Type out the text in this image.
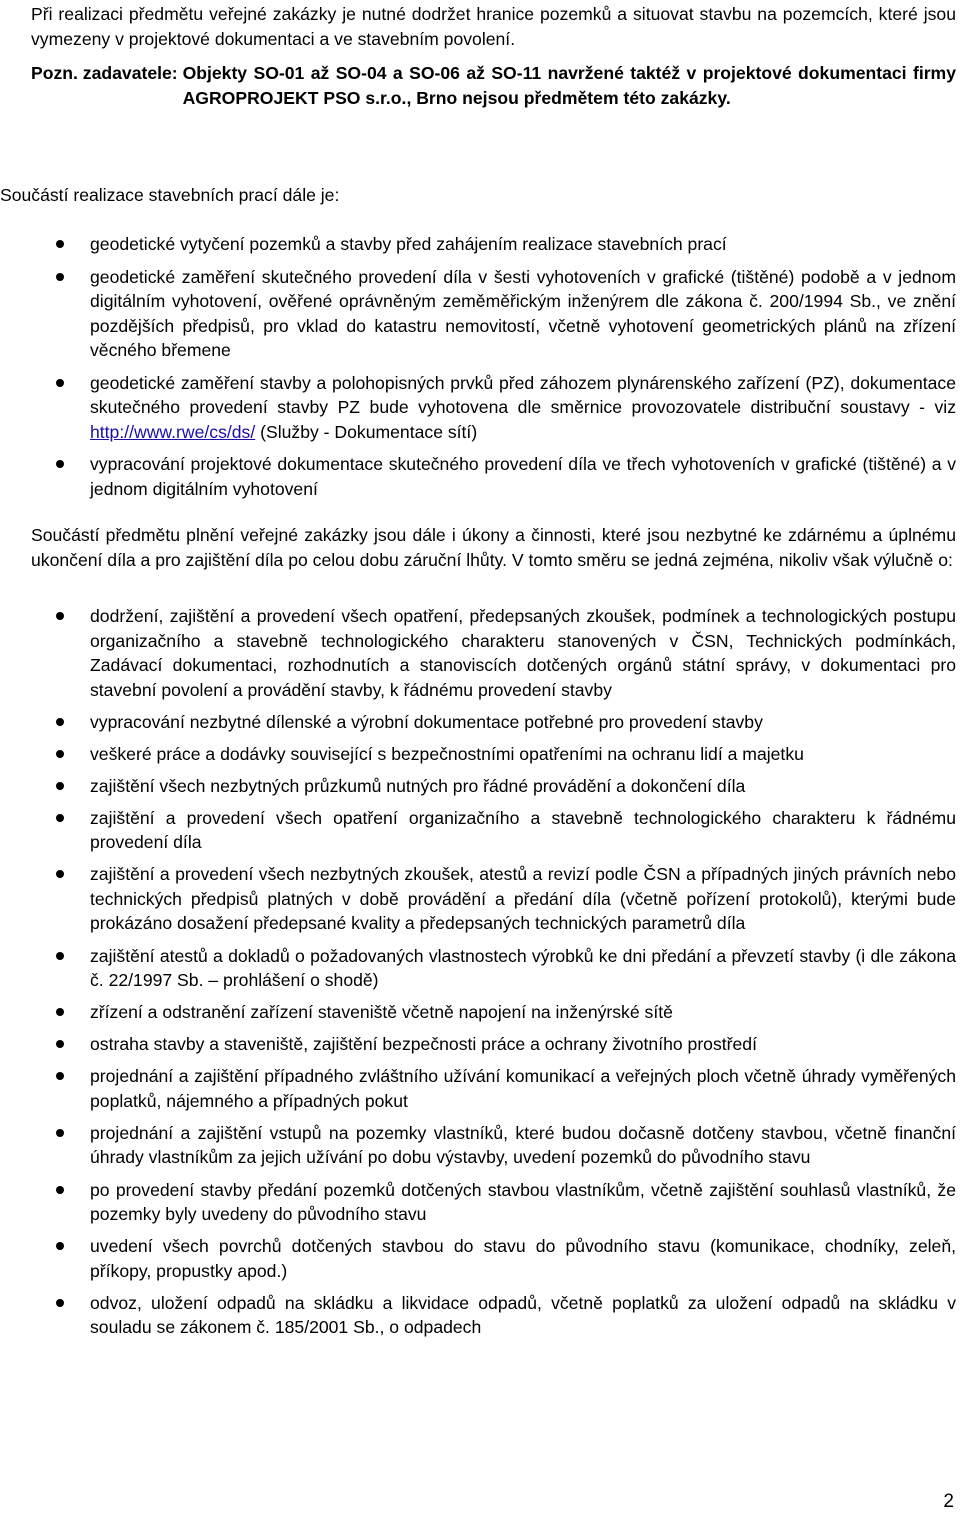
Při realizaci předmětu veřejné zakázky je nutné dodržet hranice pozemků a situovat stavbu na pozemcích, které jsou vymezeny v projektové dokumentaci a ve stavebním povolení.
Pozn. zadavatele: Objekty SO-01 až SO-04 a SO-06 až SO-11 navržené taktéž v projektové dokumentaci firmy AGROPROJEKT PSO s.r.o., Brno nejsou předmětem této zakázky.
Součástí realizace stavebních prací dále je:
geodetické vytyčení pozemků a stavby před zahájením realizace stavebních prací
geodetické zaměření skutečného provedení díla v šesti vyhotoveních v grafické (tištěné) podobě a v jednom digitálním vyhotovení, ověřené oprávněným zeměměřickým inženýrem dle zákona č. 200/1994 Sb., ve znění pozdějších předpisů, pro vklad do katastru nemovitostí, včetně vyhotovení geometrických plánů na zřízení věcného břemene
geodetické zaměření stavby a polohopisných prvků před záhozem plynárenského zařízení (PZ), dokumentace skutečného provedení stavby PZ bude vyhotovena dle směrnice provozovatele distribuční soustavy - viz http://www.rwe/cs/ds/ (Služby - Dokumentace sítí)
vypracování projektové dokumentace skutečného provedení díla ve třech vyhotoveních v grafické (tištěné) a v jednom digitálním vyhotovení
Součástí předmětu plnění veřejné zakázky jsou dále i úkony a činnosti, které jsou nezbytné ke zdárnému a úplnému ukončení díla a pro zajištění díla po celou dobu záruční lhůty. V tomto směru se jedná zejména, nikoliv však výlučně o:
dodržení, zajištění a provedení všech opatření, předepsaných zkoušek, podmínek a technologických postupu organizačního a stavebně technologického charakteru stanovených v ČSN, Technických podmínkách, Zadávací dokumentaci, rozhodnutích a stanoviscích dotčených orgánů státní správy, v dokumentaci pro stavební povolení a provádění stavby, k řádnému provedení stavby
vypracování nezbytné dílenské a výrobní dokumentace potřebné pro provedení stavby
veškeré práce a dodávky související s bezpečnostními opatřeními na ochranu lidí a majetku
zajištění všech nezbytných průzkumů nutných pro řádné provádění a dokončení díla
zajištění a provedení všech opatření organizačního a stavebně technologického charakteru k řádnému provedení díla
zajištění a provedení všech nezbytných zkoušek, atestů a revizí podle ČSN a případných jiných právních nebo technických předpisů platných v době provádění a předání díla (včetně pořízení protokolů), kterými bude prokázáno dosažení předepsané kvality a předepsaných technických parametrů díla
zajištění atestů a dokladů o požadovaných vlastnostech výrobků ke dni předání a převzetí stavby (i dle zákona č. 22/1997 Sb. – prohlášení o shodě)
zřízení a odstranění zařízení staveniště včetně napojení na inženýrské sítě
ostraha stavby a staveniště, zajištění bezpečnosti práce a ochrany životního prostředí
projednání a zajištění případného zvláštního užívání komunikací a veřejných ploch včetně úhrady vyměřených poplatků, nájemného a případných pokut
projednání a zajištění vstupů na pozemky vlastníků, které budou dočasně dotčeny stavbou, včetně finanční úhrady vlastníkům za jejich užívání po dobu výstavby, uvedení pozemků do původního stavu
po provedení stavby předání pozemků dotčených stavbou vlastníkům, včetně zajištění souhlasů vlastníků, že pozemky byly uvedeny do původního stavu
uvedení všech povrchů dotčených stavbou do stavu do původního stavu (komunikace, chodníky, zeleň, příkopy, propustky apod.)
odvoz, uložení odpadů na skládku a likvidace odpadů, včetně poplatků za uložení odpadů na skládku v souladu se zákonem č. 185/2001 Sb., o odpadech
2
